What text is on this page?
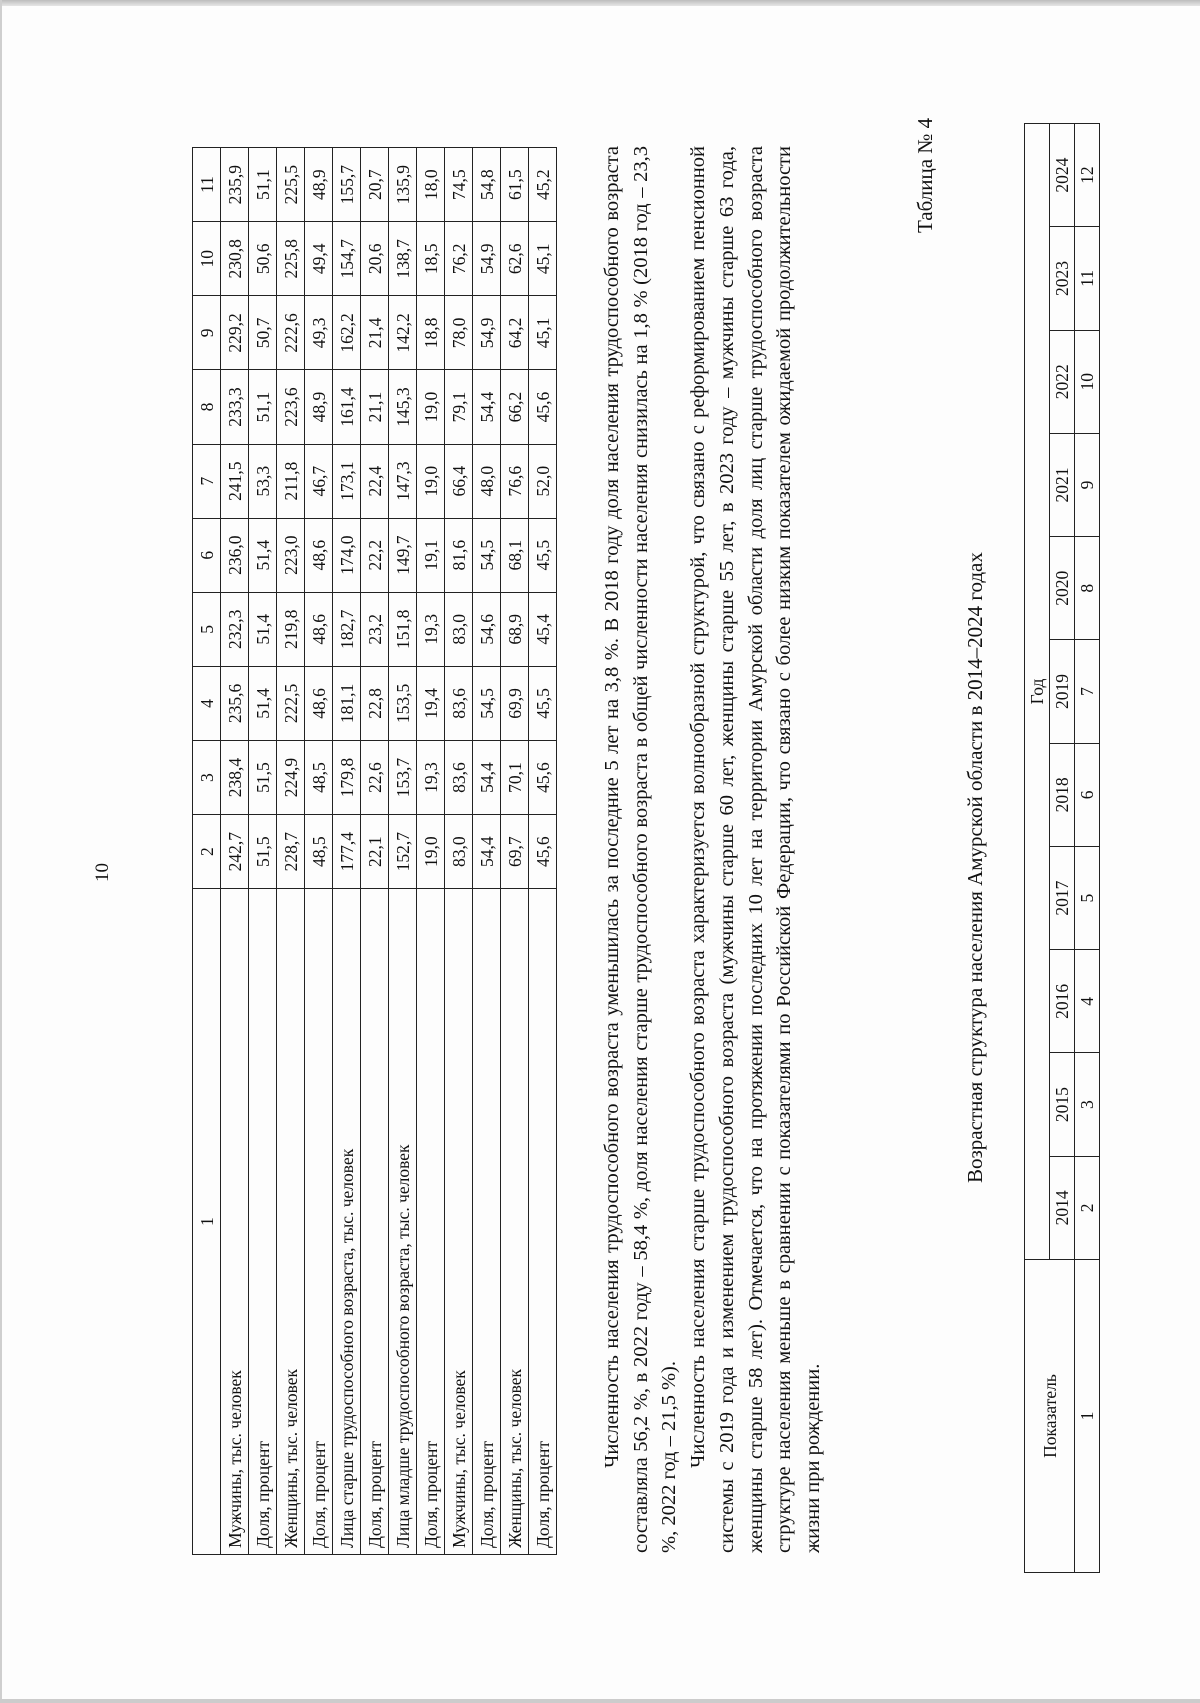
10
1	2	3	4	5	6	7	8	9	10	11
Мужчины, тыс. человек	242,7	238,4	235,6	232,3	236,0	241,5	233,3	229,2	230,8	235,9
Доля, процент	51,5	51,5	51,4	51,4	51,4	53,3	51,1	50,7	50,6	51,1
Женщины, тыс. человек	228,7	224,9	222,5	219,8	223,0	211,8	223,6	222,6	225,8	225,5
Доля, процент	48,5	48,5	48,6	48,6	48,6	46,7	48,9	49,3	49,4	48,9
Лица старше трудоспособного возраста, тыс. человек	177,4	179,8	181,1	182,7	174,0	173,1	161,4	162,2	154,7	155,7
Доля, процент	22,1	22,6	22,8	23,2	22,2	22,4	21,1	21,4	20,6	20,7
Лица младше трудоспособного возраста, тыс. человек	152,7	153,7	153,5	151,8	149,7	147,3	145,3	142,2	138,7	135,9
Доля, процент	19,0	19,3	19,4	19,3	19,1	19,0	19,0	18,8	18,5	18,0
Мужчины, тыс. человек	83,0	83,6	83,6	83,0	81,6	66,4	79,1	78,0	76,2	74,5
Доля, процент	54,4	54,4	54,5	54,6	54,5	48,0	54,4	54,9	54,9	54,8
Женщины, тыс. человек	69,7	70,1	69,9	68,9	68,1	76,6	66,2	64,2	62,6	61,5
Доля, процент	45,6	45,6	45,5	45,4	45,5	52,0	45,6	45,1	45,1	45,2 Численность населения трудоспособного возраста уменьшилась за последние 5 лет на 3,8 %. В 2018 году доля населения трудоспособного возраста составляла 56,2 %, в 2022 году – 58,4 %, доля населения старше трудоспособного возраста в общей численности населения снизилась на 1,8 % (2018 год – 23,3 %, 2022 год – 21,5 %). Численность населения старше трудоспособного возраста характеризуется волнообразной структурой, что связано с реформированием пенсионной системы с 2019 года и изменением трудоспособного возраста (мужчины старше 60 лет, женщины старше 55 лет, в 2023 году – мужчины старше 63 года, женщины старше 58 лет). Отмечается, что на протяжении последних 10 лет на территории Амурской области доля лиц старше трудоспособного возраста структуре населения меньше в сравнении с показателями по Российской Федерации, что связано с более низким показателем ожидаемой продолжительности жизни при рождении.

Таблица № 4
Возрастная структура населения Амурской области в 2014–2024 годах
Показатель	Год										
	2014	2015	2016	2017	2018	2019	2020	2021	2022	2023	2024
1	2	3	4	5	6	7	8	9	10	11	12
